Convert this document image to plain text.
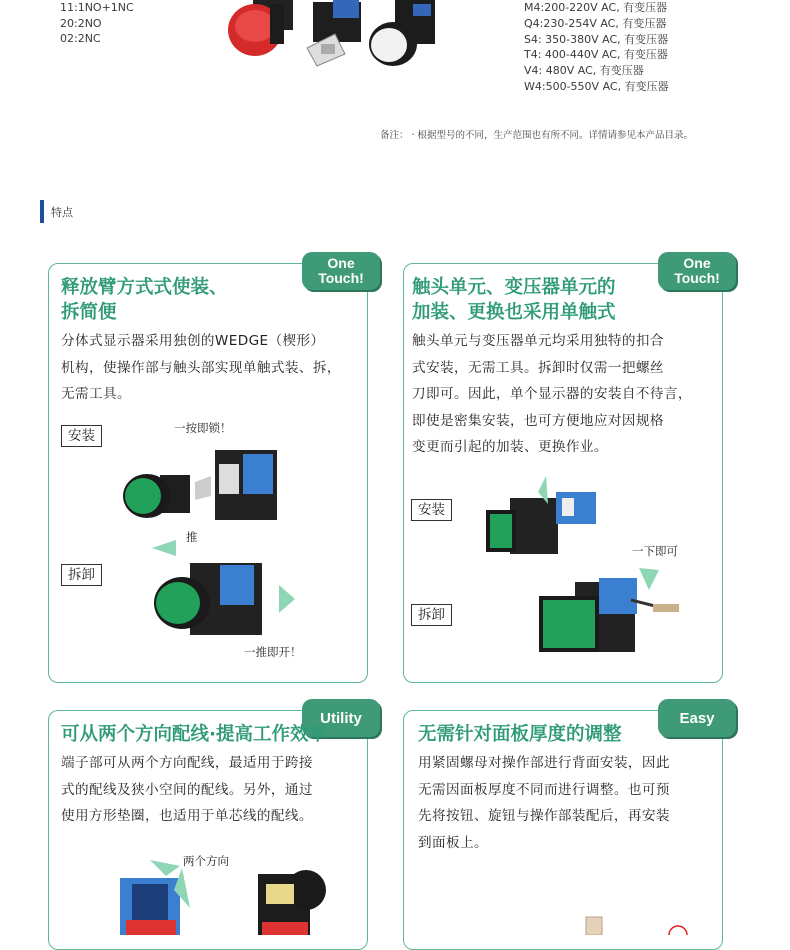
11:1NO+1NC
20:2NO
02:2NC
M4:200-220V AC, 有变压器
Q4:230-254V AC, 有变压器
S4: 350-380V AC, 有变压器
T4: 400-440V AC, 有变压器
V4: 480V AC, 有变压器
W4:500-550V AC, 有变压器
备注： · 根据型号的不同，生产范围也有所不同。详情请参见本产品目录。
特点
One
Touch!
释放臂方式式使装、
拆简便
分体式显示器采用独创的WEDGE（楔形）
机构，使操作部与触头部实现单触式装、拆，
无需工具。
安装	一按即锁！
推
拆卸
一推即开！
One
Touch!
触头单元、变压器单元的
加装、更换也采用单触式
触头单元与变压器单元均采用独特的扣合
式安装，无需工具。拆卸时仅需一把螺丝
刀即可。因此，单个显示器的安装自不待言，
即使是密集安装，也可方便地应对因规格
变更而引起的加装、更换作业。
安装
一下即可
拆卸
Utility
可从两个方向配线·提高工作效率
端子部可从两个方向配线，最适用于跨接
式的配线及狭小空间的配线。另外，通过
使用方形垫圈，也适用于单芯线的配线。
两个方向
Easy
无需针对面板厚度的调整
用紧固螺母对操作部进行背面安装，因此
无需因面板厚度不同而进行调整。也可预
先将按钮、旋钮与操作部装配后，再安装
到面板上。
